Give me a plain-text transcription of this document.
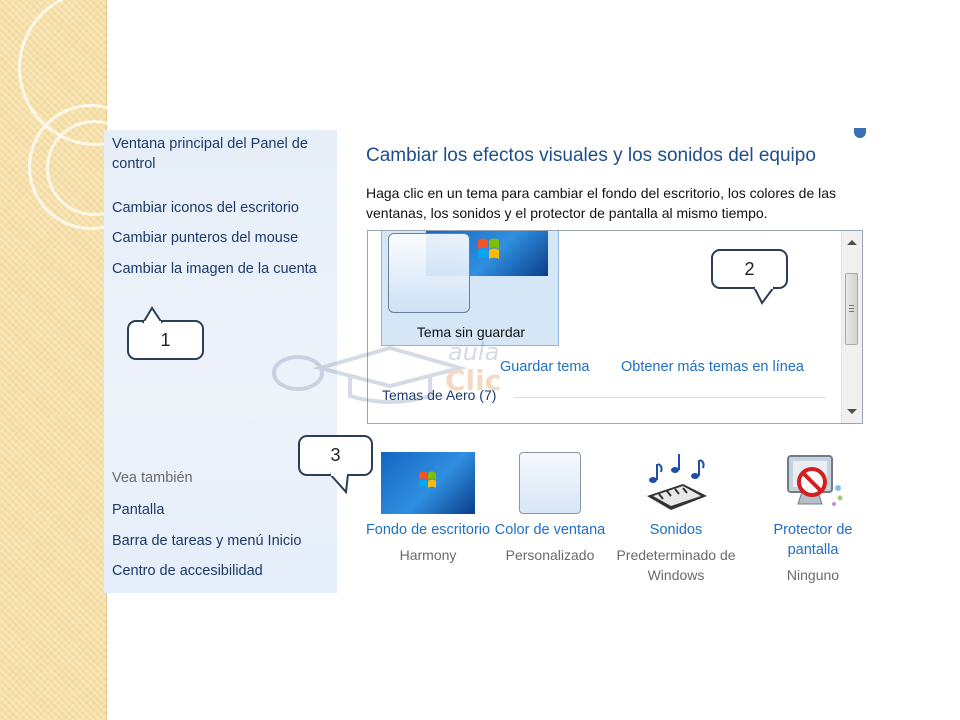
Ventana principal del Panel de control
Cambiar iconos del escritorio
Cambiar punteros del mouse
Cambiar la imagen de la cuenta
Vea también
Pantalla
Barra de tareas y menú Inicio
Centro de accesibilidad
Cambiar los efectos visuales y los sonidos del equipo
Haga clic en un tema para cambiar el fondo del escritorio, los colores de las ventanas, los sonidos y el protector de pantalla al mismo tiempo.
Tema sin guardar
Guardar tema Obtener más temas en línea
Temas de Aero (7)
aula
Clic
Fondo de escritorio
Harmony
Color de ventana
Personalizado
Sonidos
Predeterminado de Windows
Protector de pantalla
Ninguno
1
2
3
